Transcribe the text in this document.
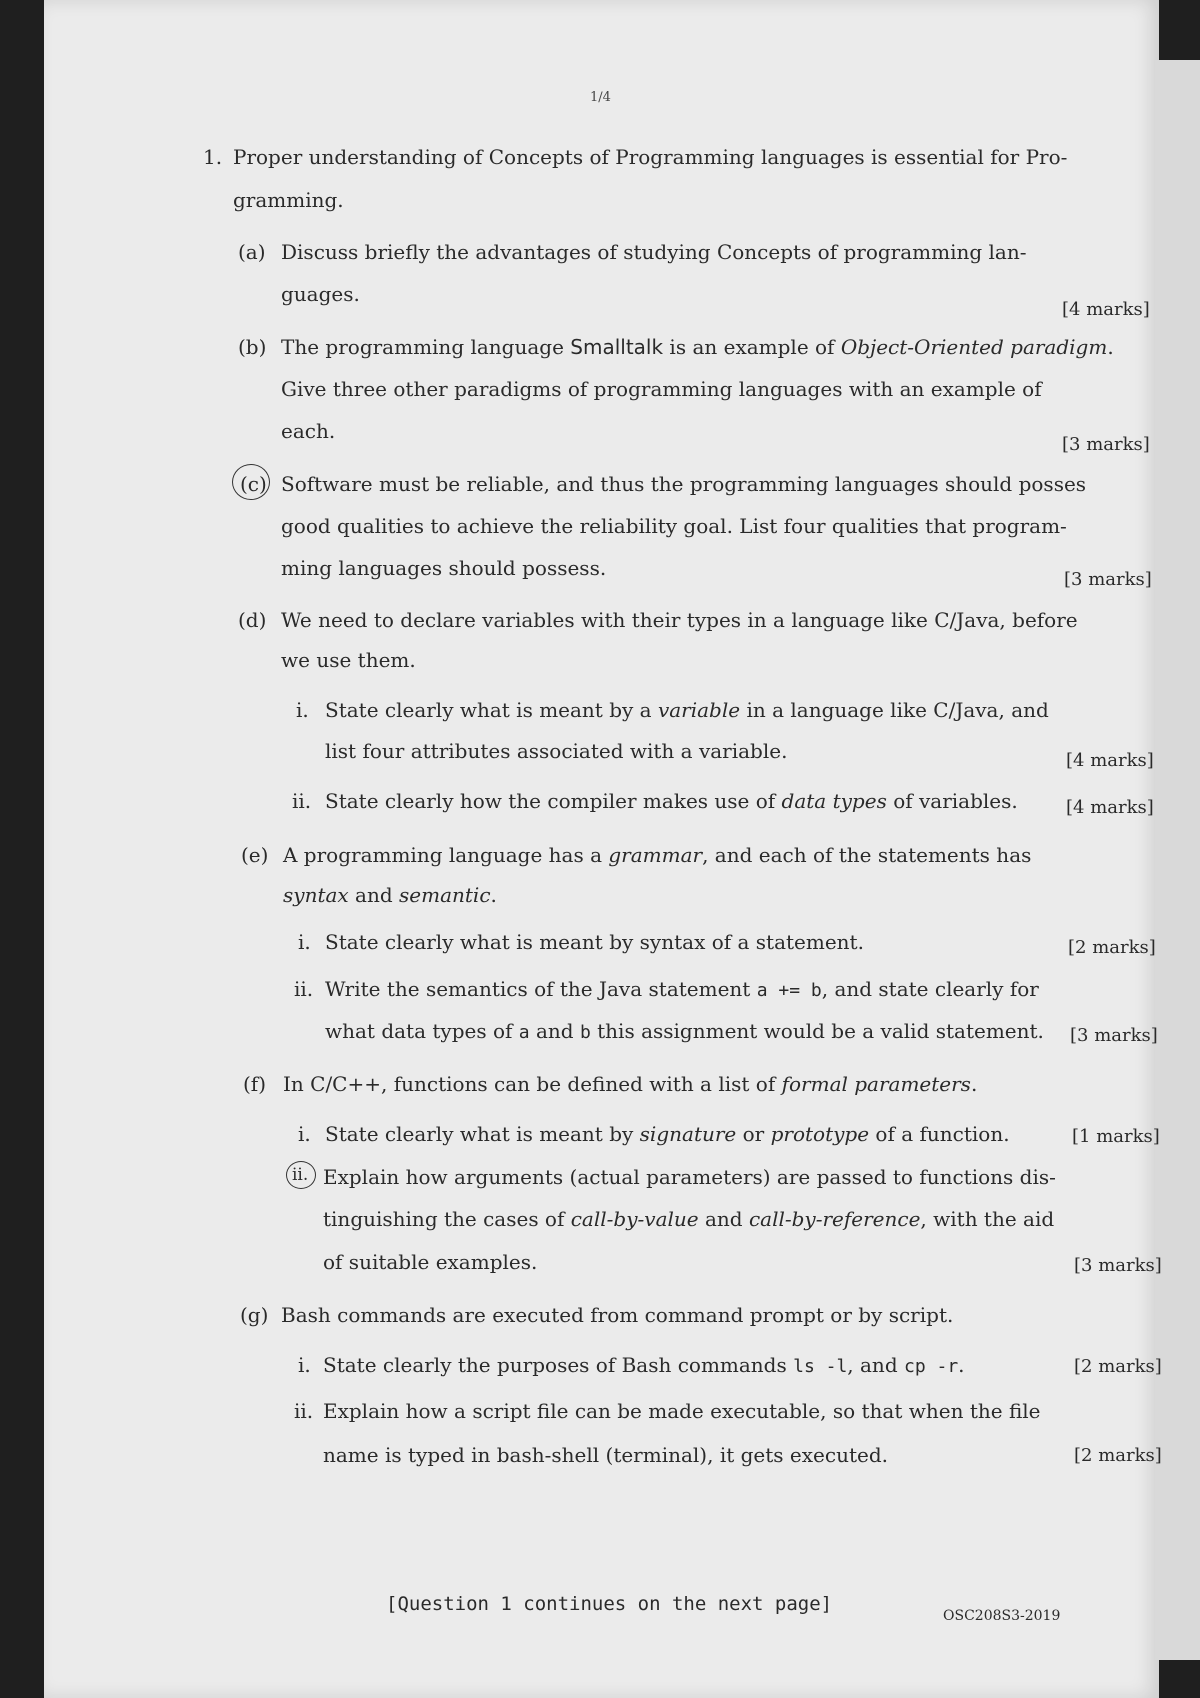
1/4
1. Proper understanding of Concepts of Programming languages is essential for Pro-
gramming.
(a) Discuss briefly the advantages of studying Concepts of programming lan-
guages.
[4 marks]
(b) The programming language Smalltalk is an example of Object-Oriented paradigm.
Give three other paradigms of programming languages with an example of
each.
[3 marks]
(c) Software must be reliable, and thus the programming languages should posses
good qualities to achieve the reliability goal. List four qualities that program-
ming languages should possess.	[3 marks]
(d) We need to declare variables with their types in a language like C/Java, before
we use them.
i. State clearly what is meant by a variable in a language like C/Java, and
list four attributes associated with a variable.	[4 marks]
ii. State clearly how the compiler makes use of data types of variables.	[4 marks]
(e) A programming language has a grammar, and each of the statements has
syntax and semantic.
i. State clearly what is meant by syntax of a statement.	[2 marks]
ii. Write the semantics of the Java statement a += b, and state clearly for
what data types of a and b this assignment would be a valid statement. [3 marks]
(f) In C/C++, functions can be defined with a list of formal parameters.
i. State clearly what is meant by signature or prototype of a function.	[1 marks]
ii. Explain how arguments (actual parameters) are passed to functions dis-
tinguishing the cases of call-by-value and call-by-reference, with the aid
of suitable examples.	[3 marks]
(g) Bash commands are executed from command prompt or by script.
i. State clearly the purposes of Bash commands ls -l, and cp -r.	[2 marks]
ii. Explain how a script file can be made executable, so that when the file
name is typed in bash-shell (terminal), it gets executed.	[2 marks]
[Question 1 continues on the next page]
OSC208S3-2019
